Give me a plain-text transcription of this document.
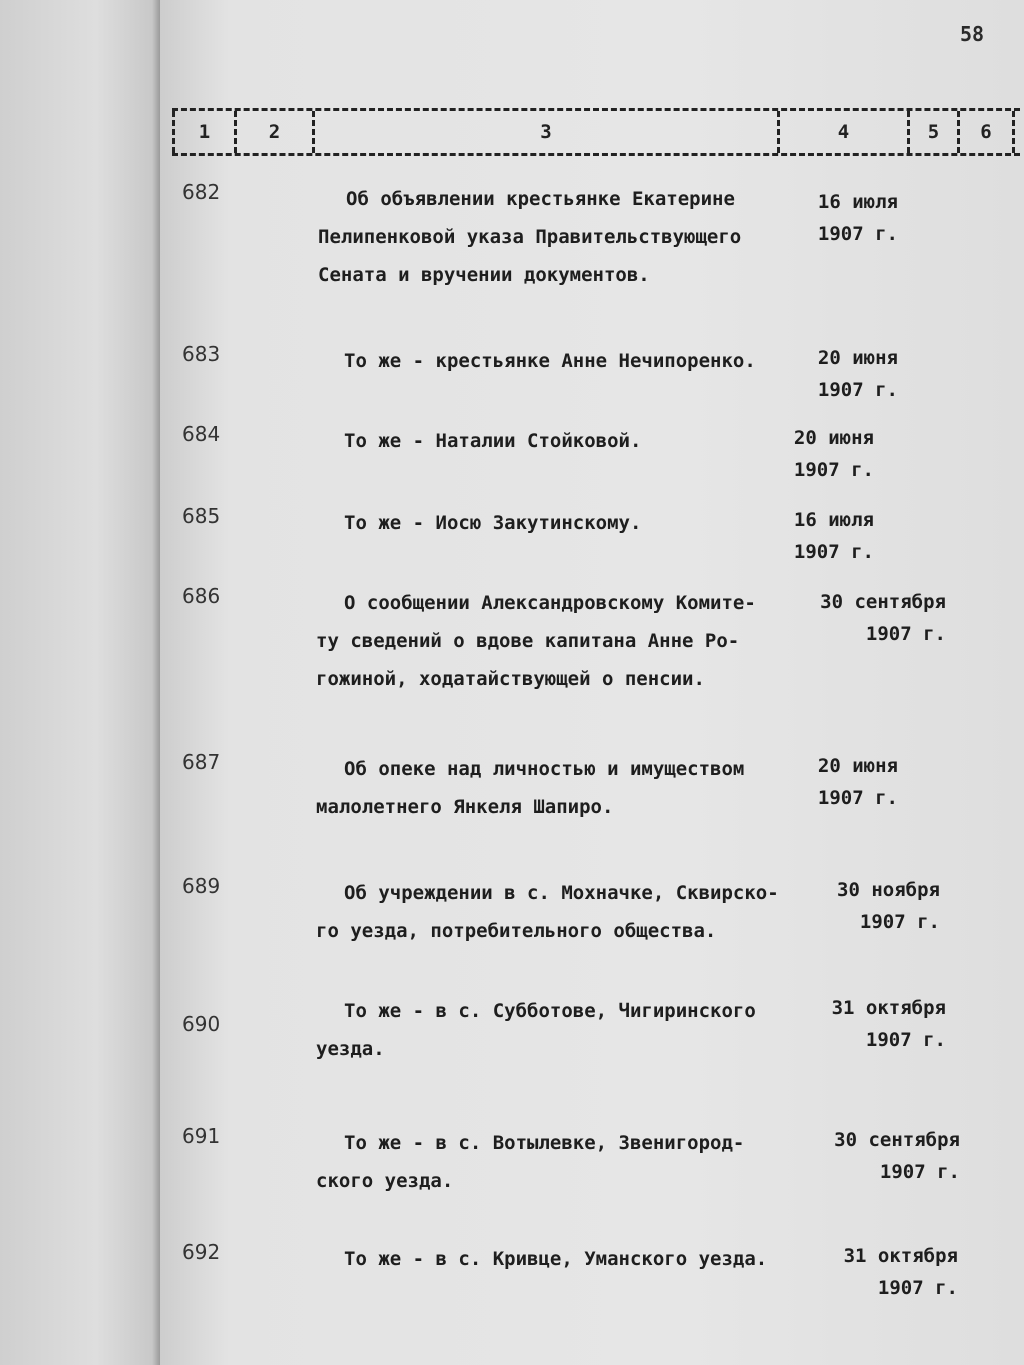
58
1	2	3	4	5	6
682	Об объявлении крестьянке Екатерине
Пелипенковой указа Правительствующего
Сената и вручении документов.
16 июля
1907 г.
683	То же - крестьянке Анне Нечипоренко.	20 июня
1907 г.
684	То же - Наталии Стойковой.	20 июня
1907 г.
685	То же - Иосю Закутинскому.	16 июля
1907 г.
686	О сообщении Александровскому Комите-
ту сведений о вдове капитана Анне Ро-
гожиной, ходатайствующей о пенсии.
30 сентября
1907 г.
687	Об опеке над личностью и имуществом
малолетнего Янкеля Шапиро.
20 июня
1907 г.
689	Об учреждении в с. Мохначке, Сквирско-
го уезда, потребительного общества.
30 ноября
1907 г.
690
То же - в с. Субботове, Чигиринского
уезда.
31 октября
1907 г.
691	То же - в с. Вотылевке, Звенигород-
ского уезда.
30 сентября
1907 г.
692	То же - в с. Кривце, Уманского уезда.	31 октября
1907 г.
